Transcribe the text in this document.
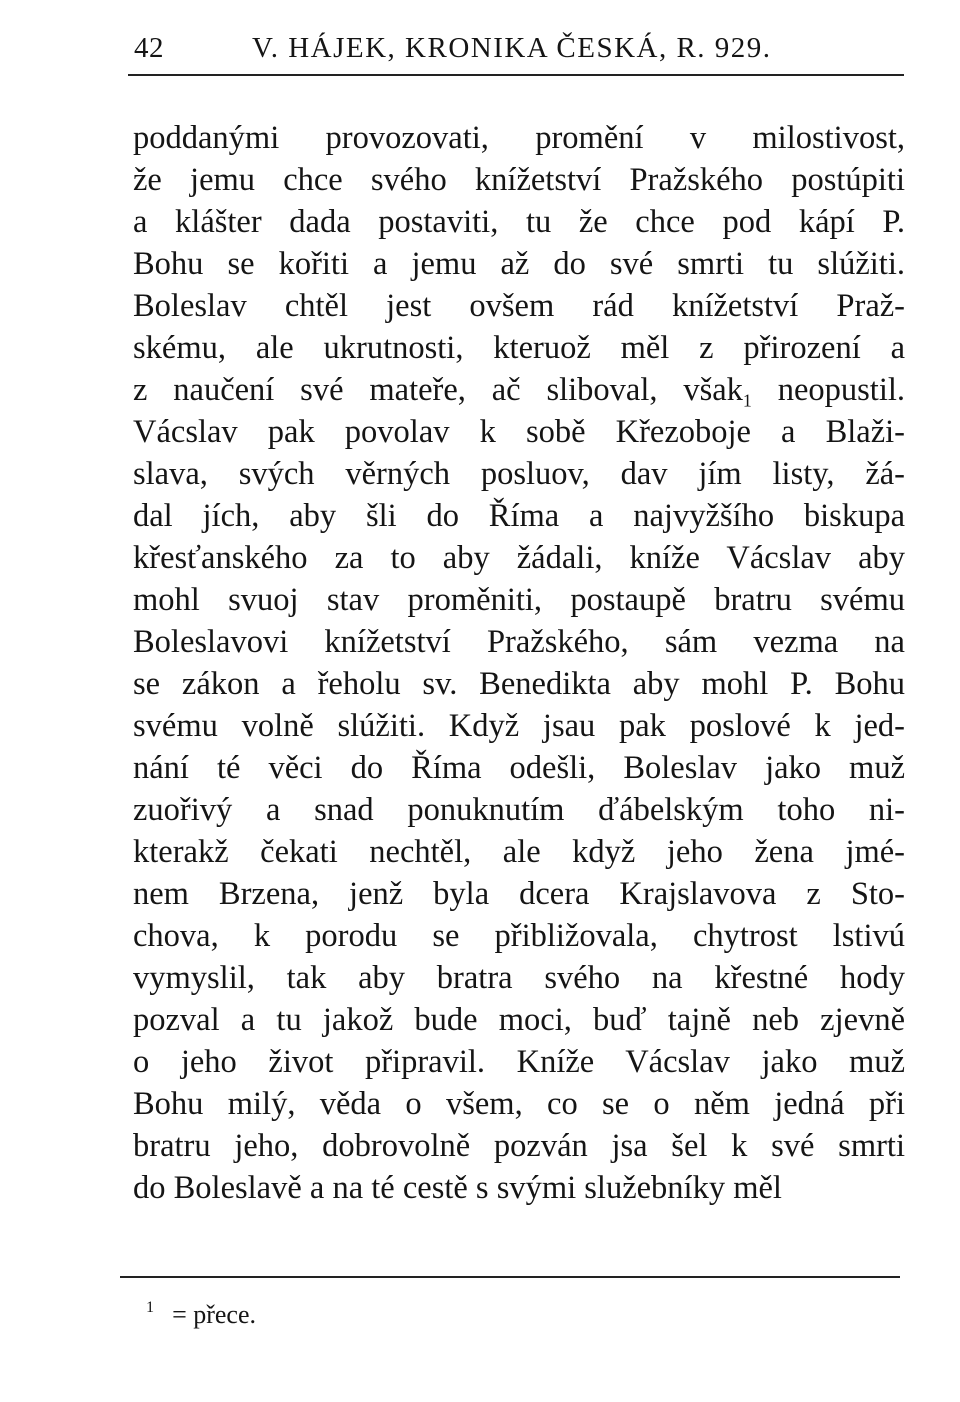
42	V. HÁJEK, KRONIKA ČESKÁ, R. 929.
poddanými provozovati, promění v milostivost,
že jemu chce svého knížetství Pražského postúpiti
a klášter dada postaviti, tu že chce pod kápí P.
Bohu se kořiti a jemu až do své smrti tu slúžiti.
Boleslav chtěl jest ovšem rád knížetství Praž-
skému, ale ukrutnosti, kteruož měl z přirození a
z naučení své mateře, ač sliboval, však1 neopustil.
Vácslav pak povolav k sobě Křezoboje a Blaži-
slava, svých věrných posluov, dav jím listy, žá-
dal jích, aby šli do Říma a najvyžšího biskupa
křesťanského za to aby žádali, kníže Vácslav aby
mohl svuoj stav proměniti, postaupě bratru svému
Boleslavovi knížetství Pražského, sám vezma na
se zákon a řeholu sv. Benedikta aby mohl P. Bohu
svému volně slúžiti. Když jsau pak poslové k jed-
nání té věci do Říma odešli, Boleslav jako muž
zuořivý a snad ponuknutím ďábelským toho ni-
kterakž čekati nechtěl, ale když jeho žena jmé-
nem Brzena, jenž byla dcera Krajslavova z Sto-
chova, k porodu se přibližovala, chytrost lstivú
vymyslil, tak aby bratra svého na křestné hody
pozval a tu jakož bude moci, buď tajně neb zjevně
o jeho život připravil. Kníže Vácslav jako muž
Bohu milý, věda o všem, co se o něm jedná při
bratru jeho, dobrovolně pozván jsa šel k své smrti
do Boleslavě a na té cestě s svými služebníky měl
$^1$ = přece.
